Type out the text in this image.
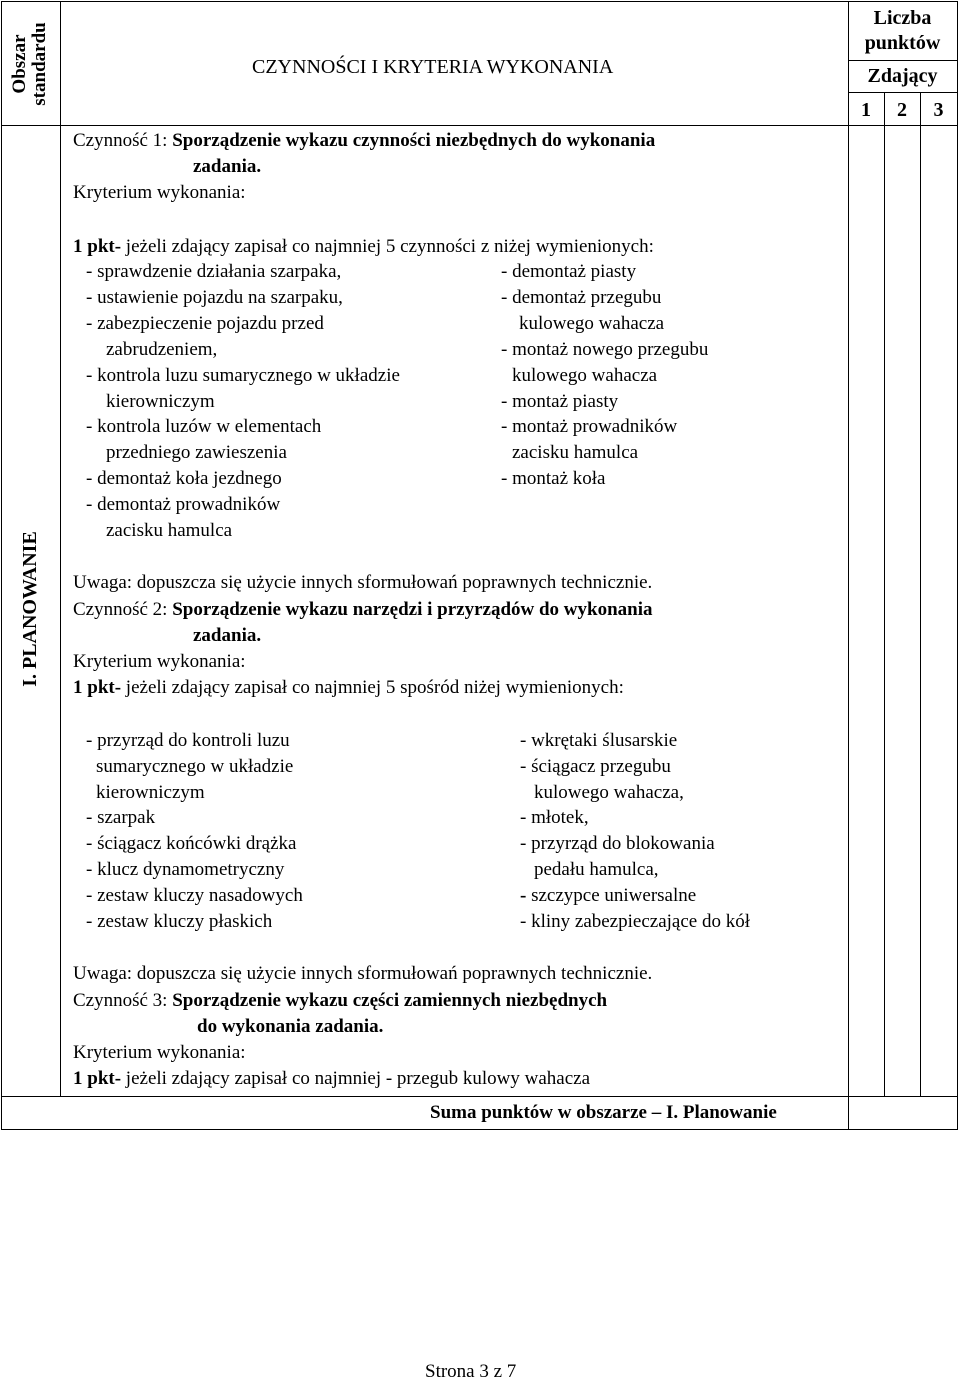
Obszar standardu	CZYNNOŚCI I KRYTERIA WYKONANIA
Liczba
punktów
Zdający
1	2	3
I. PLANOWANIE
Czynność 1: Sporządzenie wykazu czynności niezbędnych do wykonania
zadania.
Kryterium wykonania:
1 pkt- jeżeli zdający zapisał co najmniej 5 czynności z niżej wymienionych:
- sprawdzenie działania szarpaka,
- ustawienie pojazdu na szarpaku,
- zabezpieczenie pojazdu przed
zabrudzeniem,
- kontrola luzu sumarycznego w układzie
kierowniczym
- kontrola luzów w elementach
przedniego zawieszenia
- demontaż koła jezdnego
- demontaż prowadników
zacisku hamulca
- demontaż piasty
- demontaż przegubu
kulowego wahacza
- montaż nowego przegubu
kulowego wahacza
- montaż piasty
- montaż prowadników
zacisku hamulca
- montaż koła
Uwaga: dopuszcza się użycie innych sformułowań poprawnych technicznie.
Czynność 2: Sporządzenie wykazu narzędzi i przyrządów do wykonania
zadania.
Kryterium wykonania:
1 pkt- jeżeli zdający zapisał co najmniej 5 spośród niżej wymienionych:
- przyrząd do kontroli luzu
sumarycznego w układzie
kierowniczym
- szarpak
- ściągacz końcówki drążka
- klucz dynamometryczny
- zestaw kluczy nasadowych
- zestaw kluczy płaskich
- wkrętaki ślusarskie
- ściągacz przegubu
kulowego wahacza,
- młotek,
- przyrząd do blokowania
pedału hamulca,
- szczypce uniwersalne
- kliny zabezpieczające do kół
Uwaga: dopuszcza się użycie innych sformułowań poprawnych technicznie.
Czynność 3: Sporządzenie wykazu części zamiennych niezbędnych
do wykonania zadania.
Kryterium wykonania:
1 pkt- jeżeli zdający zapisał co najmniej - przegub kulowy wahacza
Suma punktów w obszarze – I. Planowanie
Strona 3 z 7
